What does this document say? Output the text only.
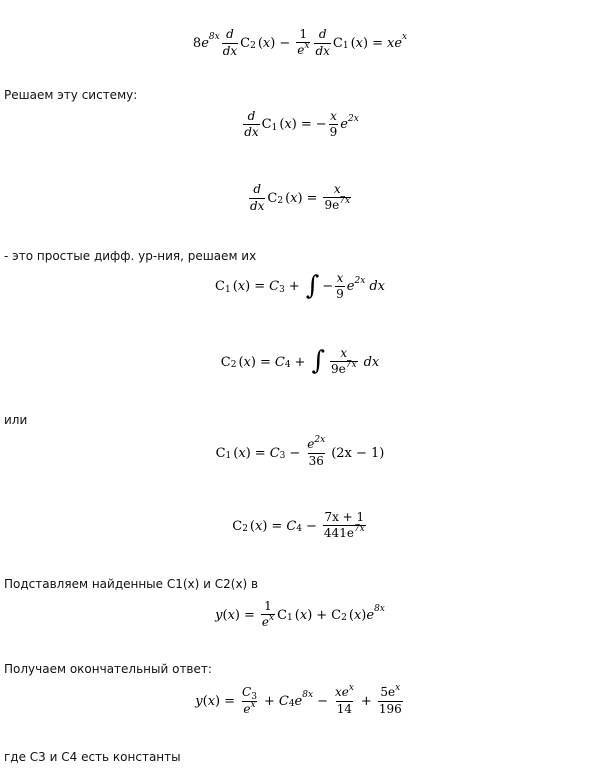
8 e $8x \frac{d}{dx}$ C 2 ( x ) − $\frac{1}{e^x} \frac{d}{dx}$ C 1 ( x ) = xe x
Решаем эту систему:
$\frac{d}{dx}$ C 1 ( x ) = − $\frac{x}{9}$ e 2x
$\frac{d}{dx}$ C 2 ( x ) = $\frac{x}{9e^{7x}}$
- это простые дифф. ур-ния, решаем их
C 1 ( x ) = C 3 + ∫ − $\frac{x}{9}$ e 2x dx
C 2 ( x ) = C 4 + ∫ $\frac{x}{9e^{7x}}$ dx
или
C 1 ( x ) = C $3 - \frac{e^{2x}}{36} (2x - 1)$
C 2 ( x ) = C $4 - \frac{7x + 1}{441e^{7x}}$
Подставляем найденные C1(x) и C2(x) в
y ( x ) = $\frac{1}{e^x}$ C 1 ( x ) + C 2 ( x ) e 8x
Получаем окончательный ответ:
y ( x ) = $\frac{C_3}{e^x} + C$ 4 e $8x - \frac{xe^x}{14} + \frac{5e^x}{196}$
где C3 и C4 есть константы
